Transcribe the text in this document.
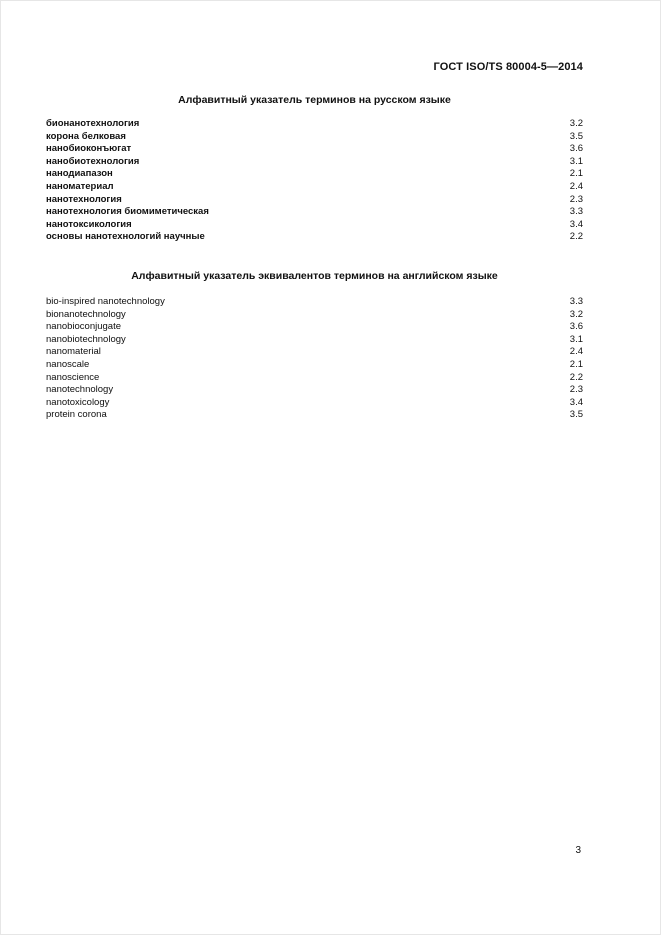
ГОСТ ISO/TS 80004-5—2014
Алфавитный указатель терминов на русском языке
бионанотехнология	3.2
корона белковая	3.5
нанобиоконъюгат	3.6
нанобиотехнология	3.1
нанодиапазон	2.1
наноматериал	2.4
нанотехнология	2.3
нанотехнология биомиметическая	3.3
нанотоксикология	3.4
основы нанотехнологий научные	2.2
Алфавитный указатель эквивалентов терминов на английском языке
bio-inspired nanotechnology	3.3
bionanotechnology	3.2
nanobioconjugate	3.6
nanobiotechnology	3.1
nanomaterial	2.4
nanoscale	2.1
nanoscience	2.2
nanotechnology	2.3
nanotoxicology	3.4
protein corona	3.5
3
